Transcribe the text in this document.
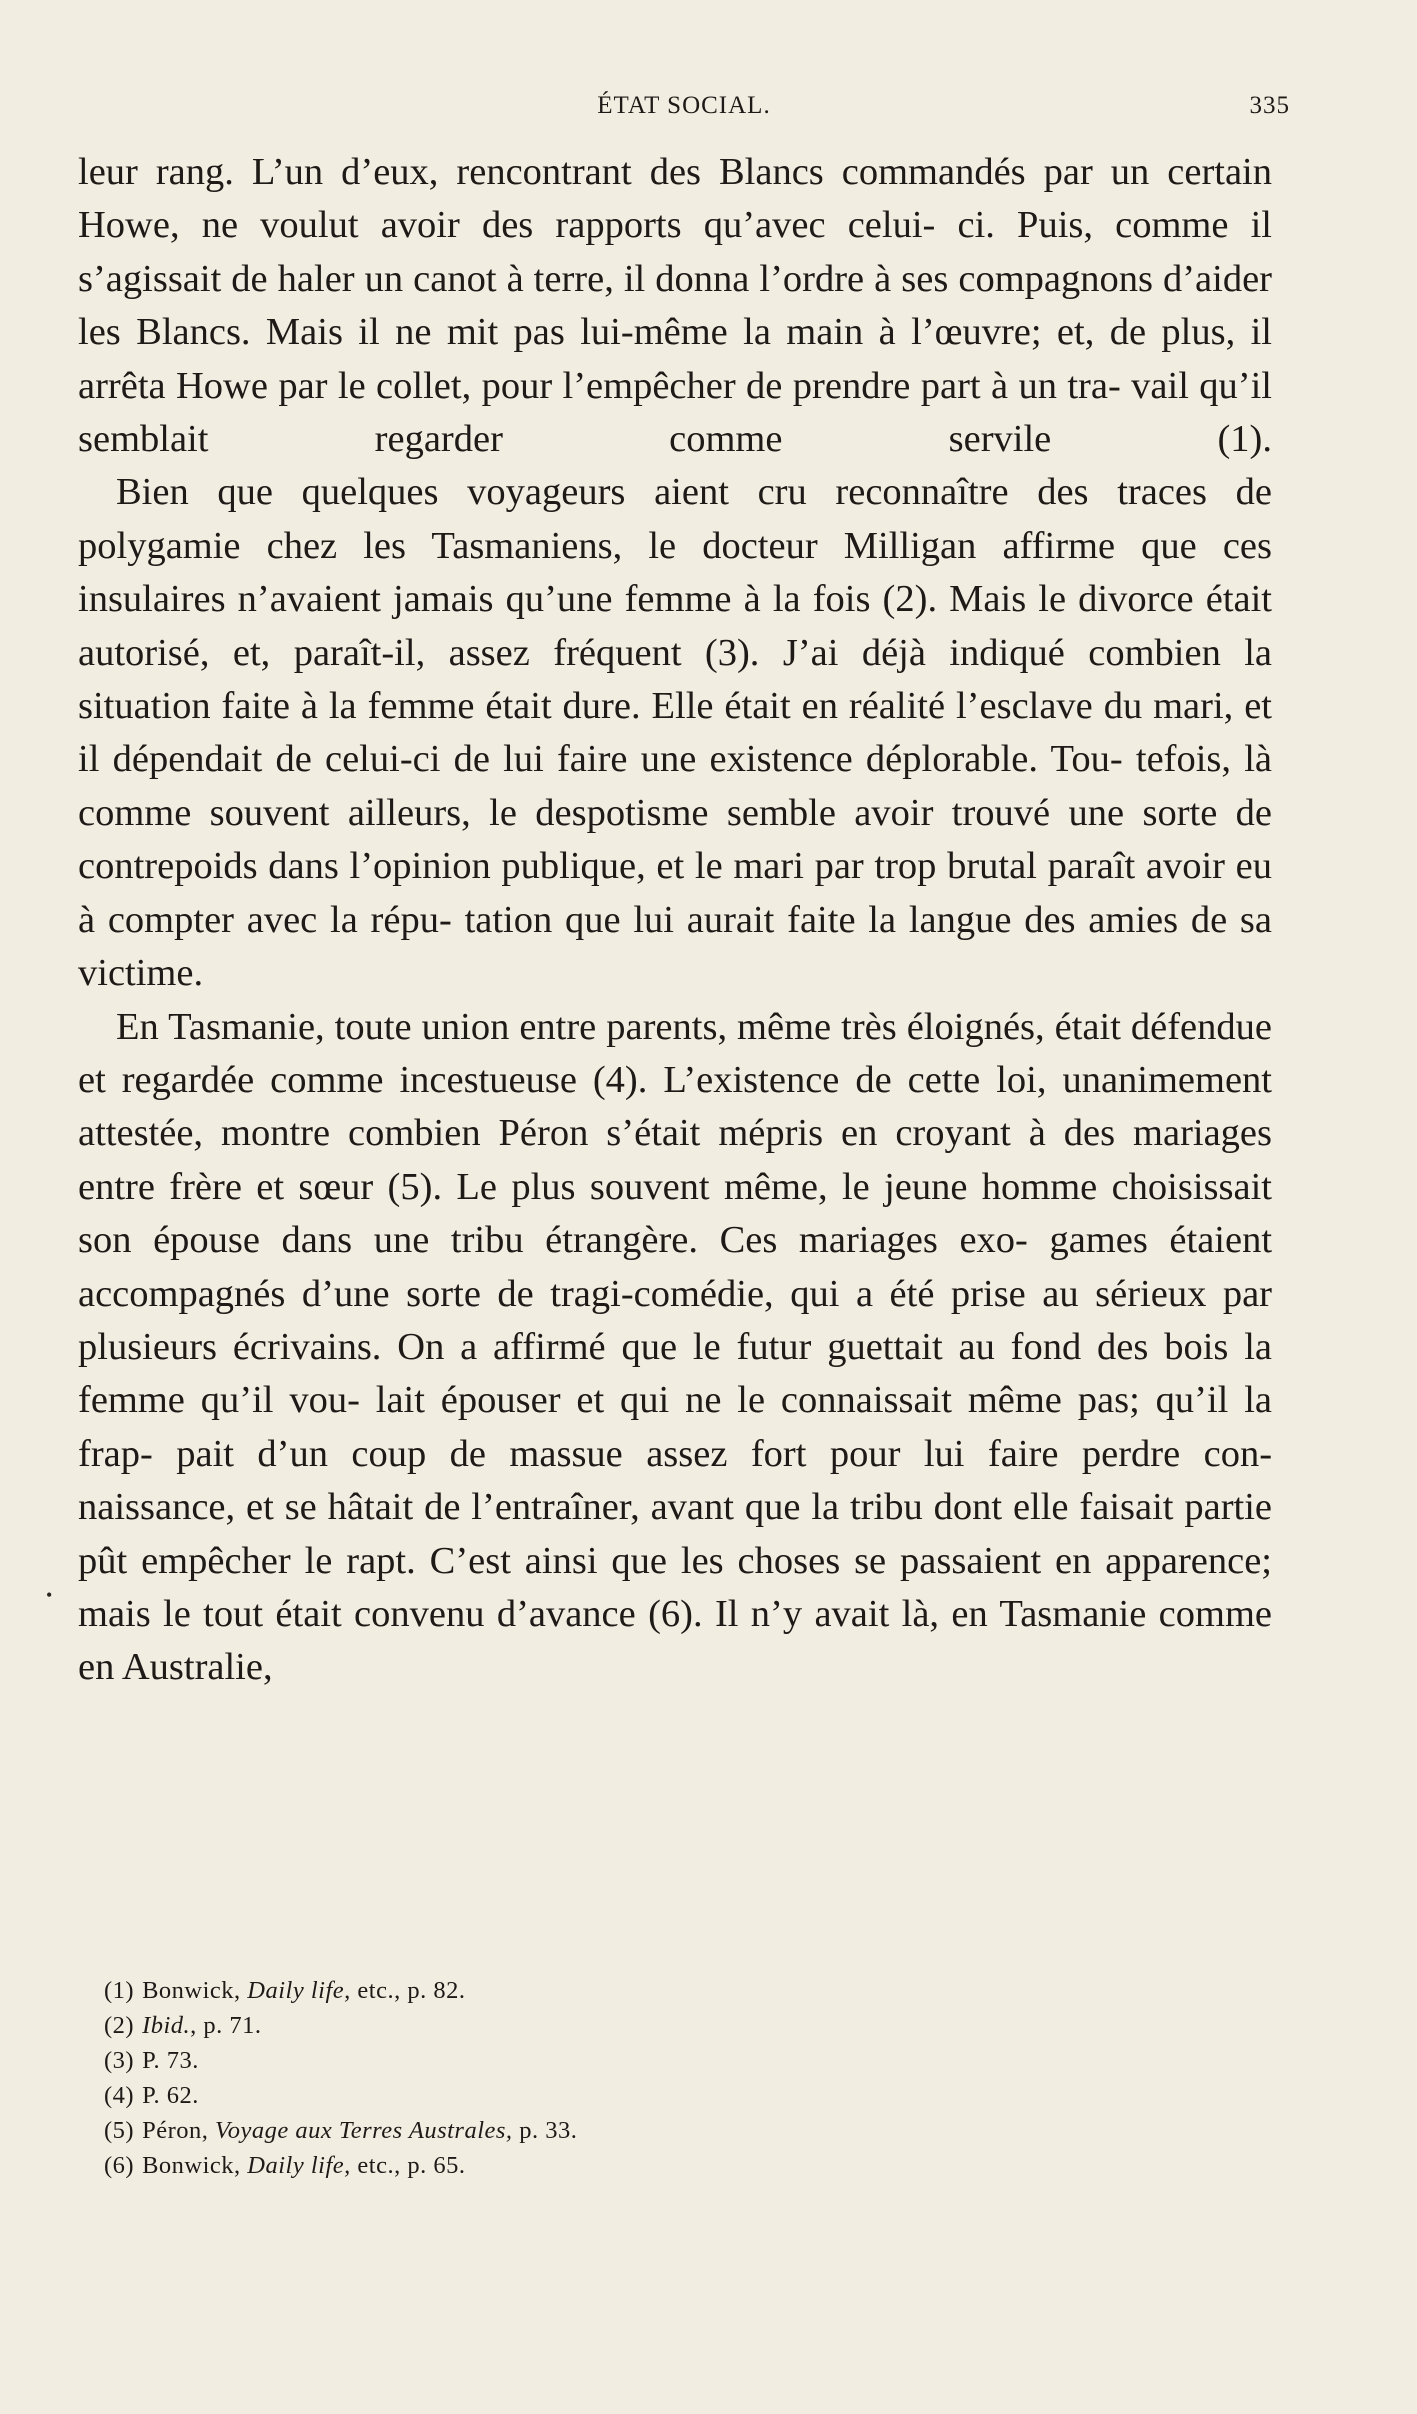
ÉTAT SOCIAL.	335
•

leur rang. L’un d’eux, rencontrant des Blancs commandés par un certain Howe, ne voulut avoir des rapports qu’avec celui- ci. Puis, comme il s’agissait de haler un canot à terre, il donna l’ordre à ses compagnons d’aider les Blancs. Mais il ne mit pas lui-même la main à l’œuvre; et, de plus, il arrêta Howe par le collet, pour l’empêcher de prendre part à un tra- vail qu’il semblait regarder comme servile (1).

Bien que quelques voyageurs aient cru reconnaître des traces de polygamie chez les Tasmaniens, le docteur Milligan affirme que ces insulaires n’avaient jamais qu’une femme à la fois (2). Mais le divorce était autorisé, et, paraît-il, assez fréquent (3). J’ai déjà indiqué combien la situation faite à la femme était dure. Elle était en réalité l’esclave du mari, et il dépendait de celui-ci de lui faire une existence déplorable. Tou- tefois, là comme souvent ailleurs, le despotisme semble avoir trouvé une sorte de contrepoids dans l’opinion publique, et le mari par trop brutal paraît avoir eu à compter avec la répu- tation que lui aurait faite la langue des amies de sa victime.

En Tasmanie, toute union entre parents, même très éloignés, était défendue et regardée comme incestueuse (4). L’existence de cette loi, unanimement attestée, montre combien Péron s’était mépris en croyant à des mariages entre frère et sœur (5). Le plus souvent même, le jeune homme choisissait son épouse dans une tribu étrangère. Ces mariages exo- games étaient accompagnés d’une sorte de tragi-comédie, qui a été prise au sérieux par plusieurs écrivains. On a affirmé que le futur guettait au fond des bois la femme qu’il vou- lait épouser et qui ne le connaissait même pas; qu’il la frap- pait d’un coup de massue assez fort pour lui faire perdre con- naissance, et se hâtait de l’entraîner, avant que la tribu dont elle faisait partie pût empêcher le rapt. C’est ainsi que les choses se passaient en apparence; mais le tout était convenu d’avance (6). Il n’y avait là, en Tasmanie comme en Australie,

(1) Bonwick, Daily life, etc., p. 82.
(2) Ibid., p. 71.
(3) P. 73.
(4) P. 62.
(5) Péron, Voyage aux Terres Australes, p. 33.
(6) Bonwick, Daily life, etc., p. 65.
